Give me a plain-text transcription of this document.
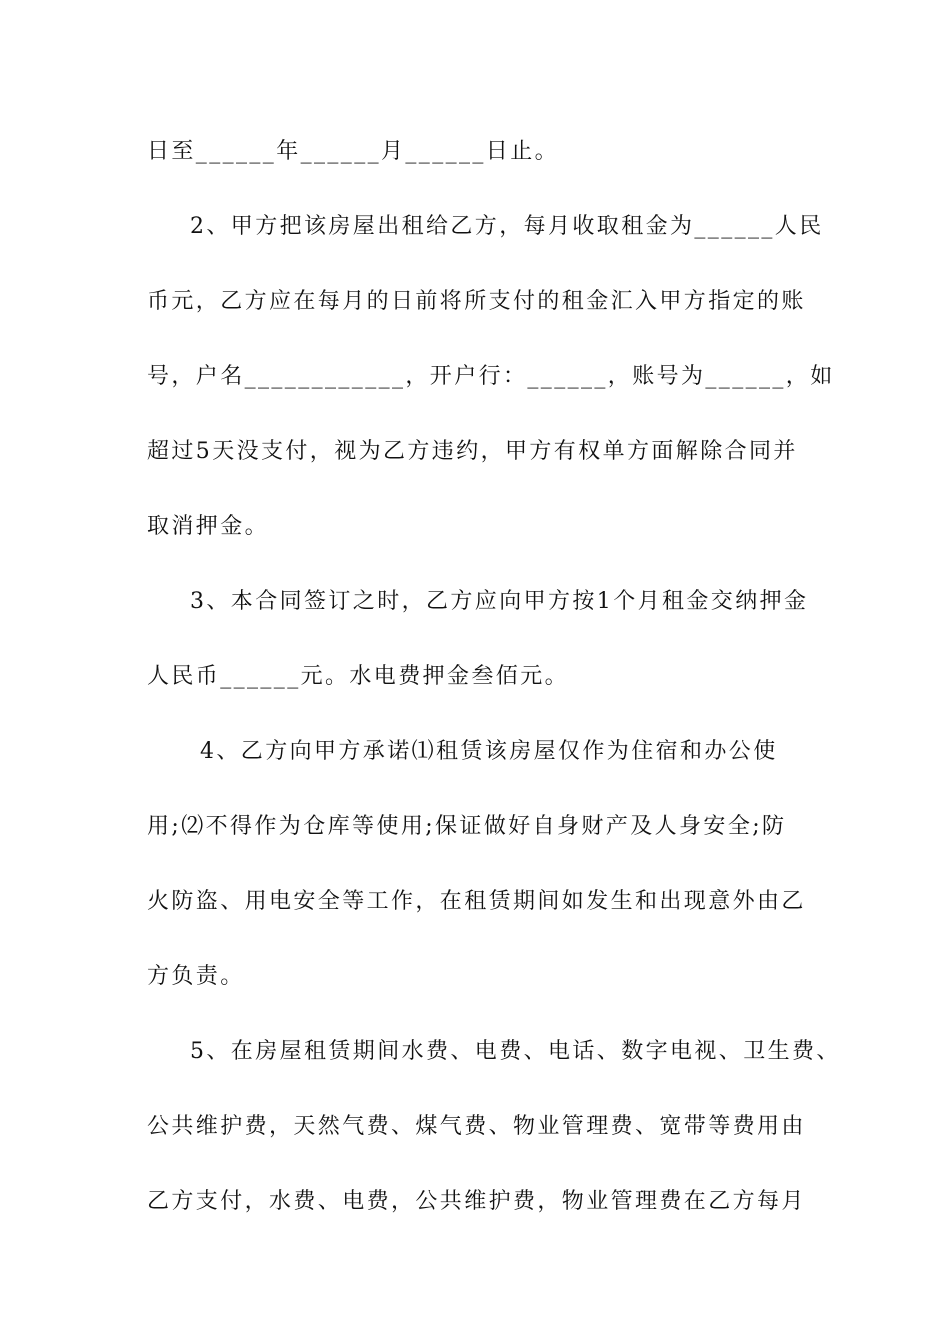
日至______年______月______日止。
2、甲方把该房屋出租给乙方，每月收取租金为______人民
币元，乙方应在每月的日前将所支付的租金汇入甲方指定的账
号，户名____________，开户行：______，账号为______，如
超过5天没支付，视为乙方违约，甲方有权单方面解除合同并
取消押金。
3、本合同签订之时，乙方应向甲方按1个月租金交纳押金
人民币______元。水电费押金叁佰元。
4、乙方向甲方承诺⑴租赁该房屋仅作为住宿和办公使
用;⑵不得作为仓库等使用;保证做好自身财产及人身安全;防
火防盗、用电安全等工作，在租赁期间如发生和出现意外由乙
方负责。
5、在房屋租赁期间水费、电费、电话、数字电视、卫生费、
公共维护费，天然气费、煤气费、物业管理费、宽带等费用由
乙方支付，水费、电费，公共维护费，物业管理费在乙方每月
